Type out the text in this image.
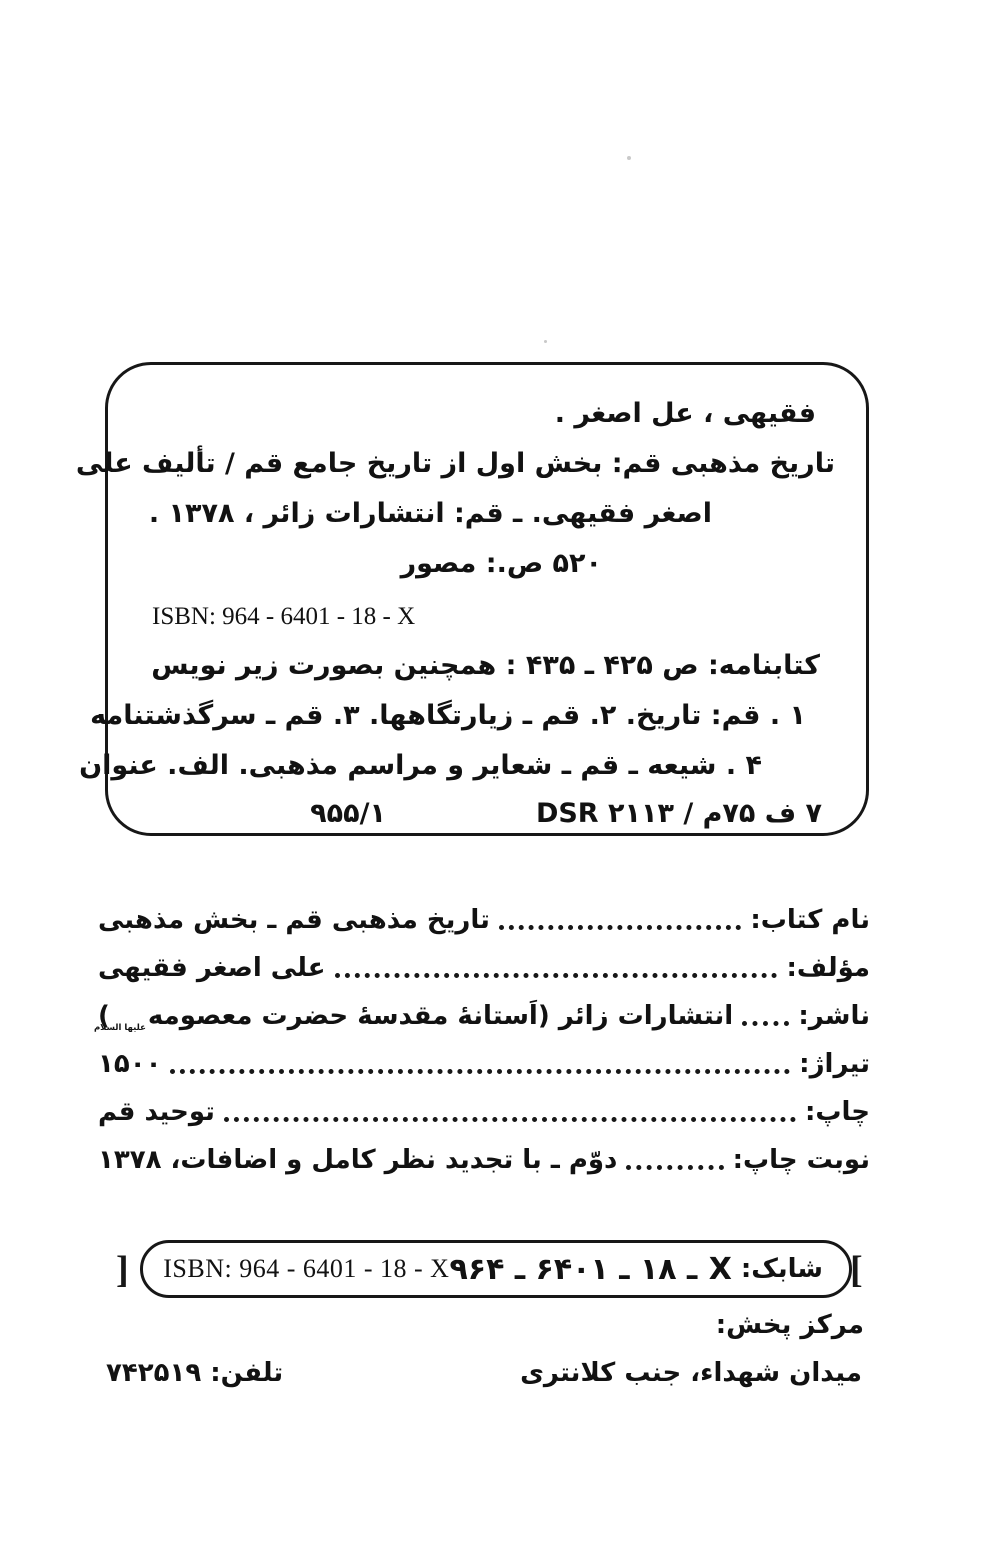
فقیهی ، عل اصغر .
تاریخ مذهبی قم: بخش اول از تاریخ جامع قم / تألیف علی
اصغر فقیهی. ـ قم: انتشارات زائر ، ۱۳۷۸ .
۵۲۰ ص.: مصور
ISBN: 964 - 6401 - 18 - X
کتابنامه: ص ۴۲۵ ـ ۴۳۵ : همچنین بصورت زیر نویس
۱ . قم: تاریخ. ۲. قم ـ زیارتگاهها. ۳. قم ـ سرگذشتنامه
۴ . شیعه ـ قم ـ شعایر و مراسم مذهبی. الف. عنوان
۷ ف ۷۵م / DSR ۲۱۱۳
۹۵۵/۱
نام کتاب:
تاریخ مذهبی قم ـ بخش مذهبی
مؤلف:
علی اصغر فقیهی
ناشر:
انتشارات زائر (اَستانۀ مقدسۀ حضرت معصومهعلیها السلام)
تیراژ:
۱۵۰۰
چاپ:
توحید قم
نوبت چاپ:
دوّم ـ با تجدید نظر کامل و اضافات، ۱۳۷۸
[	شابک:
X ـ ۱۸ ـ ۶۴۰۱ ـ ۹۶۴
ISBN: 964 - 6401 - 18 - X	]
مرکز پخش:
میدان شهداء، جنب کلانتری
تلفن: ۷۴۲۵۱۹
